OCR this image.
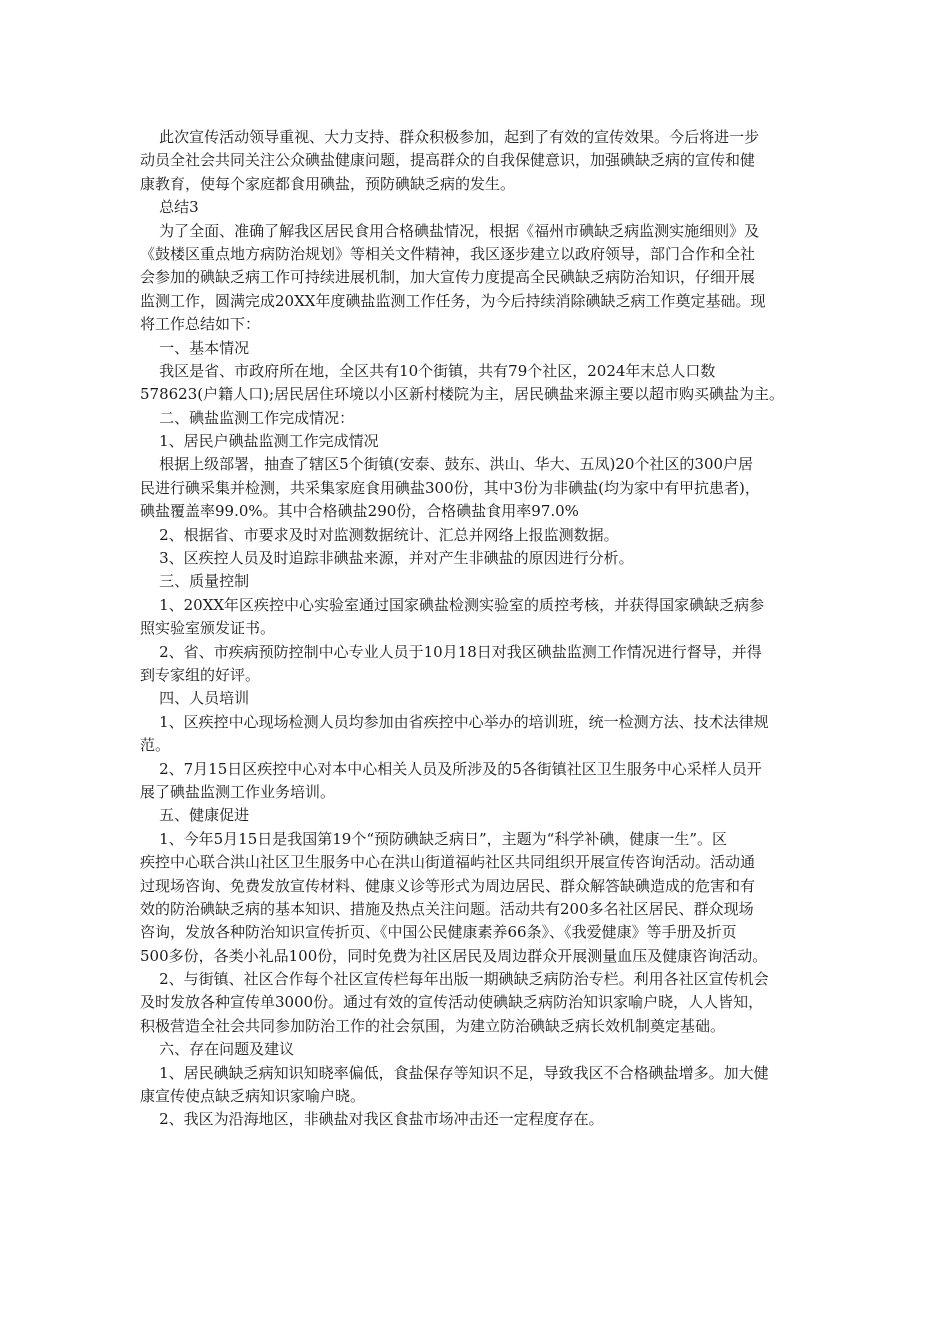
此次宣传活动领导重视、大力支持、群众积极参加，起到了有效的宣传效果。今后将进一步
动员全社会共同关注公众碘盐健康问题，提高群众的自我保健意识，加强碘缺乏病的宣传和健
康教育，使每个家庭都食用碘盐，预防碘缺乏病的发生。
总结3
为了全面、准确了解我区居民食用合格碘盐情况，根据《福州市碘缺乏病监测实施细则》及
《鼓楼区重点地方病防治规划》等相关文件精神，我区逐步建立以政府领导，部门合作和全社
会参加的碘缺乏病工作可持续进展机制，加大宣传力度提高全民碘缺乏病防治知识，仔细开展
监测工作，圆满完成20XX年度碘盐监测工作任务，为今后持续消除碘缺乏病工作奠定基础。现
将工作总结如下：
一、基本情况
我区是省、市政府所在地，全区共有10个街镇，共有79个社区，2024年末总人口数
578623(户籍人口);居民居住环境以小区新村楼院为主，居民碘盐来源主要以超市购买碘盐为主。
二、碘盐监测工作完成情况：
1、居民户碘盐监测工作完成情况
根据上级部署，抽查了辖区5个街镇(安泰、鼓东、洪山、华大、五凤)20个社区的300户居
民进行碘采集并检测，共采集家庭食用碘盐300份，其中3份为非碘盐(均为家中有甲抗患者)，
碘盐覆盖率99.0%。其中合格碘盐290份，合格碘盐食用率97.0%
2、根据省、市要求及时对监测数据统计、汇总并网络上报监测数据。
3、区疾控人员及时追踪非碘盐来源，并对产生非碘盐的原因进行分析。
三、质量控制
1、20XX年区疾控中心实验室通过国家碘盐检测实验室的质控考核，并获得国家碘缺乏病参
照实验室颁发证书。
2、省、市疾病预防控制中心专业人员于10月18日对我区碘盐监测工作情况进行督导，并得
到专家组的好评。
四、人员培训
1、区疾控中心现场检测人员均参加由省疾控中心举办的培训班，统一检测方法、技术法律规
范。
2、7月15日区疾控中心对本中心相关人员及所涉及的5各街镇社区卫生服务中心采样人员开
展了碘盐监测工作业务培训。
五、健康促进
1、今年5月15日是我国第19个“预防碘缺乏病日”，主题为“科学补碘，健康一生”。区
疾控中心联合洪山社区卫生服务中心在洪山街道福屿社区共同组织开展宣传咨询活动。活动通
过现场咨询、免费发放宣传材料、健康义诊等形式为周边居民、群众解答缺碘造成的危害和有
效的防治碘缺乏病的基本知识、措施及热点关注问题。活动共有200多名社区居民、群众现场
咨询，发放各种防治知识宣传折页、《中国公民健康素养66条》、《我爱健康》等手册及折页
500多份，各类小礼品100份，同时免费为社区居民及周边群众开展测量血压及健康咨询活动。
2、与街镇、社区合作每个社区宣传栏每年出版一期碘缺乏病防治专栏。利用各社区宣传机会
及时发放各种宣传单3000份。通过有效的宣传活动使碘缺乏病防治知识家喻户晓，人人皆知，
积极营造全社会共同参加防治工作的社会氛围，为建立防治碘缺乏病长效机制奠定基础。
六、存在问题及建议
1、居民碘缺乏病知识知晓率偏低，食盐保存等知识不足，导致我区不合格碘盐增多。加大健
康宣传使点缺乏病知识家喻户晓。
2、我区为沿海地区，非碘盐对我区食盐市场冲击还一定程度存在。
